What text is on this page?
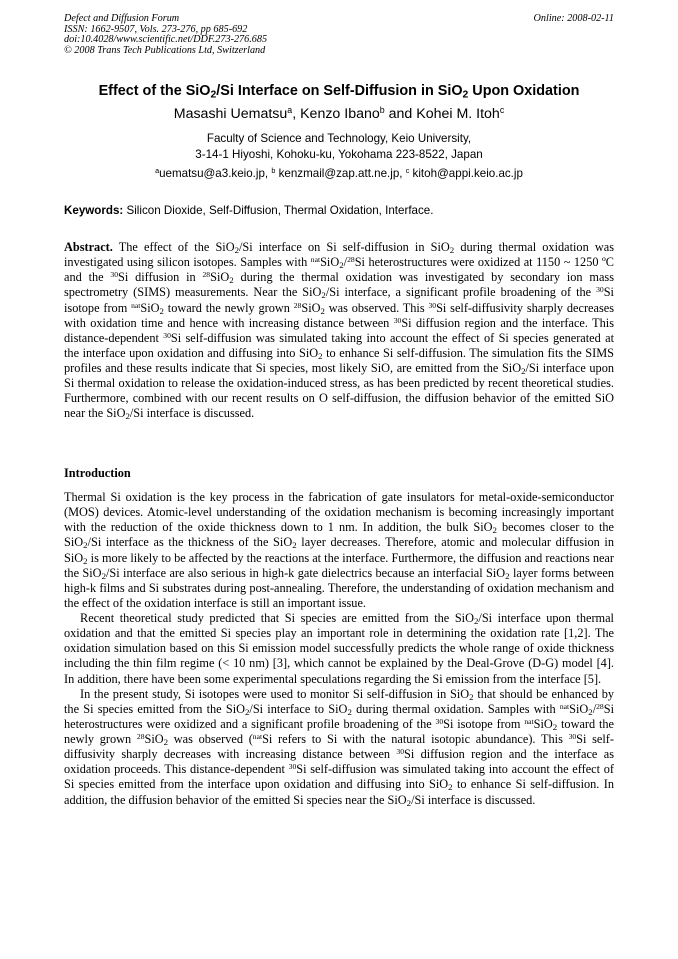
Defect and Diffusion Forum
ISSN: 1662-9507, Vols. 273-276, pp 685-692
doi:10.4028/www.scientific.net/DDF.273-276.685
© 2008 Trans Tech Publications Ltd, Switzerland
Online: 2008-02-11
Effect of the SiO$_2$/Si Interface on Self-Diffusion in SiO$_2$ Upon Oxidation
Masashi Uematsu$^a$, Kenzo Ibano$^b$ and Kohei M. Itoh$^c$
Faculty of Science and Technology, Keio University,
3-14-1 Hiyoshi, Kohoku-ku, Yokohama 223-8522, Japan
$^a$uematsu@a3.keio.jp, $^b$ kenzmail@zap.att.ne.jp, $^c$ kitoh@appi.keio.ac.jp
Keywords: Silicon Dioxide, Self-Diffusion, Thermal Oxidation, Interface.
Abstract. The effect of the SiO$_2$/Si interface on Si self-diffusion in SiO$_2$ during thermal oxidation was investigated using silicon isotopes. Samples with $^{nat}$SiO$_2$/$^{28}$Si heterostructures were oxidized at 1150 ~ 1250 ºC and the $^{30}$Si diffusion in $^{28}$SiO$_2$ during the thermal oxidation was investigated by secondary ion mass spectrometry (SIMS) measurements. Near the SiO$_2$/Si interface, a significant profile broadening of the $^{30}$Si isotope from $^{nat}$SiO$_2$ toward the newly grown $^{28}$SiO$_2$ was observed. This $^{30}$Si self-diffusivity sharply decreases with oxidation time and hence with increasing distance between $^{30}$Si diffusion region and the interface. This distance-dependent $^{30}$Si self-diffusion was simulated taking into account the effect of Si species generated at the interface upon oxidation and diffusing into SiO$_2$ to enhance Si self-diffusion. The simulation fits the SIMS profiles and these results indicate that Si species, most likely SiO, are emitted from the SiO$_2$/Si interface upon Si thermal oxidation to release the oxidation-induced stress, as has been predicted by recent theoretical studies. Furthermore, combined with our recent results on O self-diffusion, the diffusion behavior of the emitted SiO near the SiO$_2$/Si interface is discussed.
Introduction

Thermal Si oxidation is the key process in the fabrication of gate insulators for metal-oxide-semiconductor (MOS) devices. Atomic-level understanding of the oxidation mechanism is becoming increasingly important with the reduction of the oxide thickness down to 1 nm. In addition, the bulk SiO$_2$ becomes closer to the SiO$_2$/Si interface as the thickness of the SiO$_2$ layer decreases. Therefore, atomic and molecular diffusion in SiO$_2$ is more likely to be affected by the reactions at the interface. Furthermore, the diffusion and reactions near the SiO$_2$/Si interface are also serious in high-k gate dielectrics because an interfacial SiO$_2$ layer forms between high-k films and Si substrates during post-annealing. Therefore, the understanding of oxidation mechanism and the effect of the oxidation interface is still an important issue.

Recent theoretical study predicted that Si species are emitted from the SiO$_2$/Si interface upon thermal oxidation and that the emitted Si species play an important role in determining the oxidation rate [1,2]. The oxidation simulation based on this Si emission model successfully predicts the whole range of oxide thickness including the thin film regime (< 10 nm) [3], which cannot be explained by the Deal-Grove (D-G) model [4]. In addition, there have been some experimental speculations regarding the Si emission from the interface [5].

In the present study, Si isotopes were used to monitor Si self-diffusion in SiO$_2$ that should be enhanced by the Si species emitted from the SiO$_2$/Si interface to SiO$_2$ during thermal oxidation. Samples with $^{nat}$SiO$_2$/$^{28}$Si heterostructures were oxidized and a significant profile broadening of the $^{30}$Si isotope from $^{nat}$SiO$_2$ toward the newly grown $^{28}$SiO$_2$ was observed ($^{nat}$Si refers to Si with the natural isotopic abundance). This $^{30}$Si self-diffusivity sharply decreases with increasing distance between $^{30}$Si diffusion region and the interface as oxidation proceeds. This distance-dependent $^{30}$Si self-diffusion was simulated taking into account the effect of Si species emitted from the interface upon oxidation and diffusing into SiO$_2$ to enhance Si self-diffusion. In addition, the diffusion behavior of the emitted Si species near the SiO$_2$/Si interface is discussed.
